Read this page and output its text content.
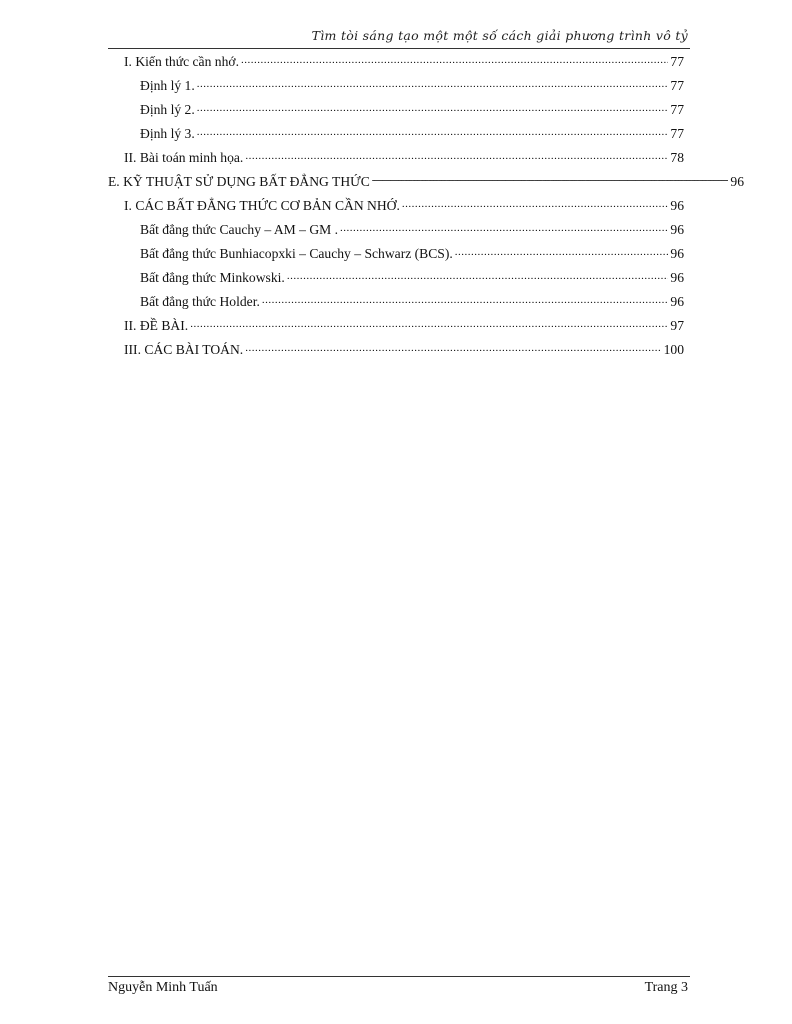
Tìm tòi sáng tạo một một số cách giải phương trình vô tỷ
I. Kiến thức cần nhớ. .....	77
Định lý 1. .....	77
Định lý 2. .....	77
Định lý 3. .....	77
II. Bài toán minh họa. .....	78
E. KỸ THUẬT SỬ DỤNG BẤT ĐẲNG THỨC -----	96
I. CÁC BẤT ĐẲNG THỨC CƠ BẢN CẦN NHỚ. .....	96
Bất đẳng thức Cauchy – AM – GM . .....	96
Bất đẳng thức Bunhiacopxki – Cauchy – Schwarz (BCS). .....	96
Bất đẳng thức Minkowski. .....	96
Bất đẳng thức Holder. .....	96
II. ĐỀ BÀI. .....	97
III. CÁC BÀI TOÁN. .....	100
Nguyễn Minh Tuấn	Trang 3
